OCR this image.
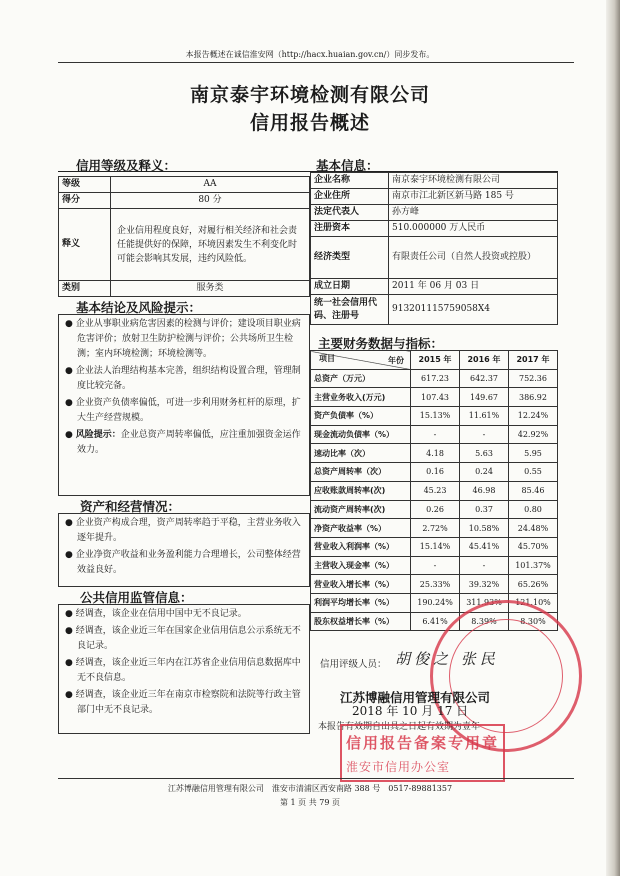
本报告概述在诚信淮安网（http://hacx.huaian.gov.cn/）同步发布。
南京泰宇环境检测有限公司
信用报告概述
信用等级及释义：
等级	AA
得分	80 分
释义	企业信用程度良好，对履行相关经济和社会责任能提供好的保障，环境因素发生不利变化时可能会影响其发展，违约风险低。
类别	服务类
基本信息：
企业名称	南京泰宇环境检测有限公司
企业住所	南京市江北新区新马路 185 号
法定代表人	孙方峰
注册资本	510.000000 万人民币
经济类型	有限责任公司（自然人投资或控股）
成立日期	2011 年 06 月 03 日
统一社会信用代码、注册号	913201115759058X4
基本结论及风险提示：

● 企业从事职业病危害因素的检测与评价；建设项目职业病危害评价；放射卫生防护检测与评价；公共场所卫生检测；室内环境检测；环境检测等。

● 企业法人治理结构基本完善，组织结构设置合理，管理制度比较完备。

● 企业资产负债率偏低，可进一步利用财务杠杆的原理，扩大生产经营规模。

● 风险提示：企业总资产周转率偏低，应注重加强资金运作效力。

资产和经营情况：

● 企业资产构成合理，资产周转率趋于平稳，主营业务收入逐年提升。

● 企业净资产收益和业务盈利能力合理增长，公司整体经营效益良好。

公共信用监管信息：

● 经调查，该企业在信用中国中无不良记录。

● 经调查，该企业近三年在国家企业信用信息公示系统无不良记录。

● 经调查，该企业近三年内在江苏省企业信用信息数据库中无不良信息。

● 经调查，该企业近三年在南京市检察院和法院等行政主管部门中无不良记录。

主要财务数据与指标：
年份
项目	2015 年	2016 年	2017 年
总资产（万元）	617.23	642.37	752.36
主营业务收入(万元)	107.43	149.67	386.92
资产负债率（%）	15.13%	11.61%	12.24%
现金流动负债率（%）	-	-	42.92%
速动比率（次）	4.18	5.63	5.95
总资产周转率（次）	0.16	0.24	0.55
应收账款周转率(次)	45.23	46.98	85.46
流动资产周转率(次)	0.26	0.37	0.80
净资产收益率（%）	2.72%	10.58%	24.48%
营业收入利润率（%）	15.14%	45.41%	45.70%
主营收入现金率（%）	-	-	101.37%
营业收入增长率（%）	25.33%	39.32%	65.26%
利润平均增长率（%）	190.24%	311.93%	121.10%
股东权益增长率（%）	6.41%	8.39%	8.30%
信用评级人员： 胡俊之 张民
江苏博融信用管理有限公司
2018 年 10 月 17 日
本报告有效期自出具之日起有效期为壹年
信用报告备案专用章
淮安市信用办公室
江苏博融信用管理有限公司　淮安市清浦区西安南路 388 号　0517-89881357
第 1 页 共 79 页
